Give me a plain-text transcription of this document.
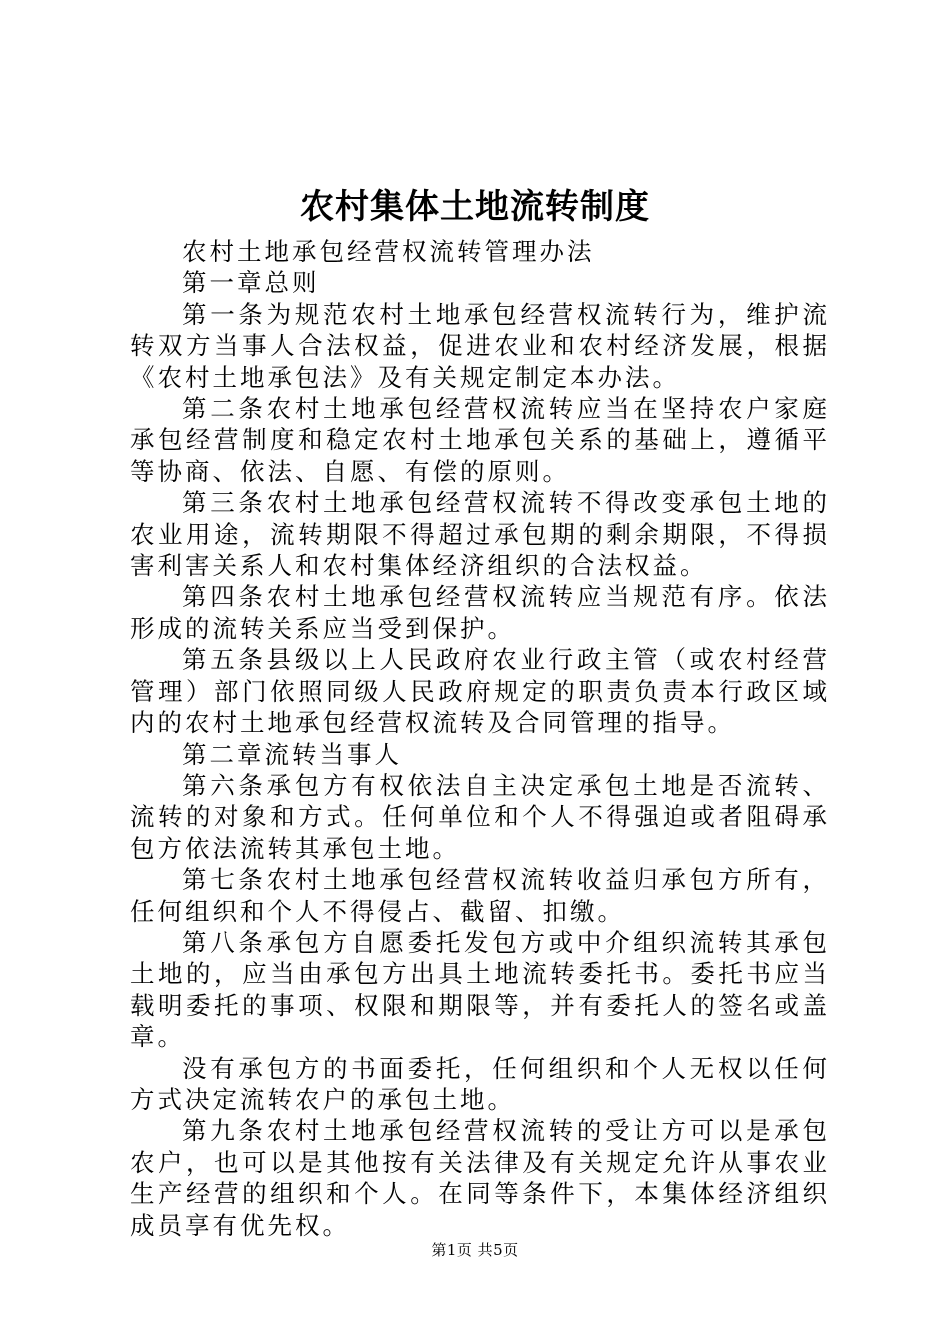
农村集体土地流转制度

农村土地承包经营权流转管理办法

第一章总则

第一条为规范农村土地承包经营权流转行为，维护流转双方当事人合法权益，促进农业和农村经济发展，根据《农村土地承包法》及有关规定制定本办法。

第二条农村土地承包经营权流转应当在坚持农户家庭承包经营制度和稳定农村土地承包关系的基础上，遵循平等协商、依法、自愿、有偿的原则。

第三条农村土地承包经营权流转不得改变承包土地的农业用途，流转期限不得超过承包期的剩余期限，不得损害利害关系人和农村集体经济组织的合法权益。

第四条农村土地承包经营权流转应当规范有序。依法形成的流转关系应当受到保护。

第五条县级以上人民政府农业行政主管（或农村经营管理）部门依照同级人民政府规定的职责负责本行政区域内的农村土地承包经营权流转及合同管理的指导。

第二章流转当事人

第六条承包方有权依法自主决定承包土地是否流转、流转的对象和方式。任何单位和个人不得强迫或者阻碍承包方依法流转其承包土地。

第七条农村土地承包经营权流转收益归承包方所有，任何组织和个人不得侵占、截留、扣缴。

第八条承包方自愿委托发包方或中介组织流转其承包土地的，应当由承包方出具土地流转委托书。委托书应当载明委托的事项、权限和期限等，并有委托人的签名或盖章。

没有承包方的书面委托，任何组织和个人无权以任何方式决定流转农户的承包土地。

第九条农村土地承包经营权流转的受让方可以是承包农户，也可以是其他按有关法律及有关规定允许从事农业生产经营的组织和个人。在同等条件下，本集体经济组织成员享有优先权。

第1页 共5页
